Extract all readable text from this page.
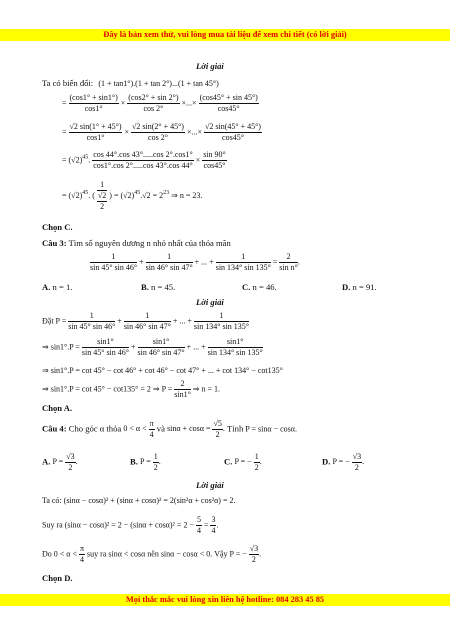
Đây là bản xem thử, vui lòng mua tài liệu để xem chi tiết (có lời giải)
Lời giải
Ta có biến đổi: (1 + tan1°).(1 + tan 2°)...(1 + tan 45°)
= $\frac{(\cos 1^\circ + \sin 1^\circ)}{\cos 1^\circ} \times \frac{(\cos 2^\circ + \sin 2^\circ)}{\cos 2^\circ}$ ×...× $\frac{(\cos 45^\circ + \sin 45^\circ)}{\cos 45^\circ}$
= $\frac{√2 \sin(1^\circ + 45^\circ)}{\cos 1^\circ} \times \frac{√2 \sin(2^\circ + 45^\circ)}{\cos 2^\circ}$ ×...× $\frac{√2 \sin(45^\circ + 45^\circ)}{\cos 45^\circ}$
= $(√2)^{45}$. $\frac{\cos 44^\circ.\cos 43^\circ.....\cos 2^\circ.\cos 1^\circ}{\cos 1^\circ.\cos 2^\circ.....\cos 43^\circ.\cos 44^\circ} \times \frac{\sin 90^\circ}{\cos 45^\circ}$
= $(√2)^{45}$. ( $\frac{1}{\frac{√2}{2}}$ ) = $(√2)^{45}.√2 = 2^{23}$ ⇒ n = 23.
Chọn C.
Câu 3: Tìm số nguyên dương n nhỏ nhất của thỏa mãn
$\frac{1}{\sin 45^\circ \sin 46^\circ} + \frac{1}{\sin 46^\circ \sin 47^\circ}$ + ... + $\frac{1}{\sin 134^\circ \sin 135^\circ} = \frac{2}{\text{sin n°}}$ .
A. n = 1.	B. n = 45.	C. n = 46.	D. n = 91.
Lời giải
Đặt $P = \frac{1}{\sin 45^\circ \sin 46^\circ} + \frac{1}{\sin 46^\circ \sin 47^\circ}$ + ... + $\frac{1}{\sin 134^\circ \sin 135^\circ}$
⇒ $\sin 1^\circ.P = \frac{\sin 1^\circ}{\sin 45^\circ \sin 46^\circ} + \frac{\sin 1^\circ}{\sin 46^\circ \sin 47^\circ}$ + ... + $\frac{\sin 1^\circ}{\sin 134^\circ \sin 135^\circ}$
⇒ sin1°.P = cot 45° − cot 46° + cot 46° − cot 47° + ... + cot 134° − cot135°
⇒ sin1°.P = cot 45° − cot135° = 2 ⇒ $P = \frac{2}{\sin 1^\circ}$ ⇒ n = 1.
Chọn A.
Câu 4: Cho góc α thỏa $0 < \alpha < \frac{\pi}{4}$ và $\sin\alpha + \cos\alpha = \frac{√5}{2}$ . Tính P = sinα − cosα.
A. $P = \frac{√3}{2}$ .	B. $P = \frac{1}{2}$ .	C. P = − $\frac{1}{2}$ .	D. P = − $\frac{√3}{2}$ .
Lời giải
Ta có: (sinα − cosα)² + (sinα + cosα)² = 2(sin²α + cos²α) = 2.
Suy ra $(\sin\alpha - \cos\alpha)^2 = 2 - (\sin\alpha + \cos\alpha)^2 = 2 - \frac{5}{4} = \frac{3}{4}$ .
Do $0 < \alpha < \frac{\pi}{4}$ suy ra sinα < cosα nên sinα − cosα < 0. Vậy P = − $\frac{√3}{2}$ .
Chọn D.
Mọi thắc mắc vui lòng xin liên hệ hotline: 084 283 45 85
